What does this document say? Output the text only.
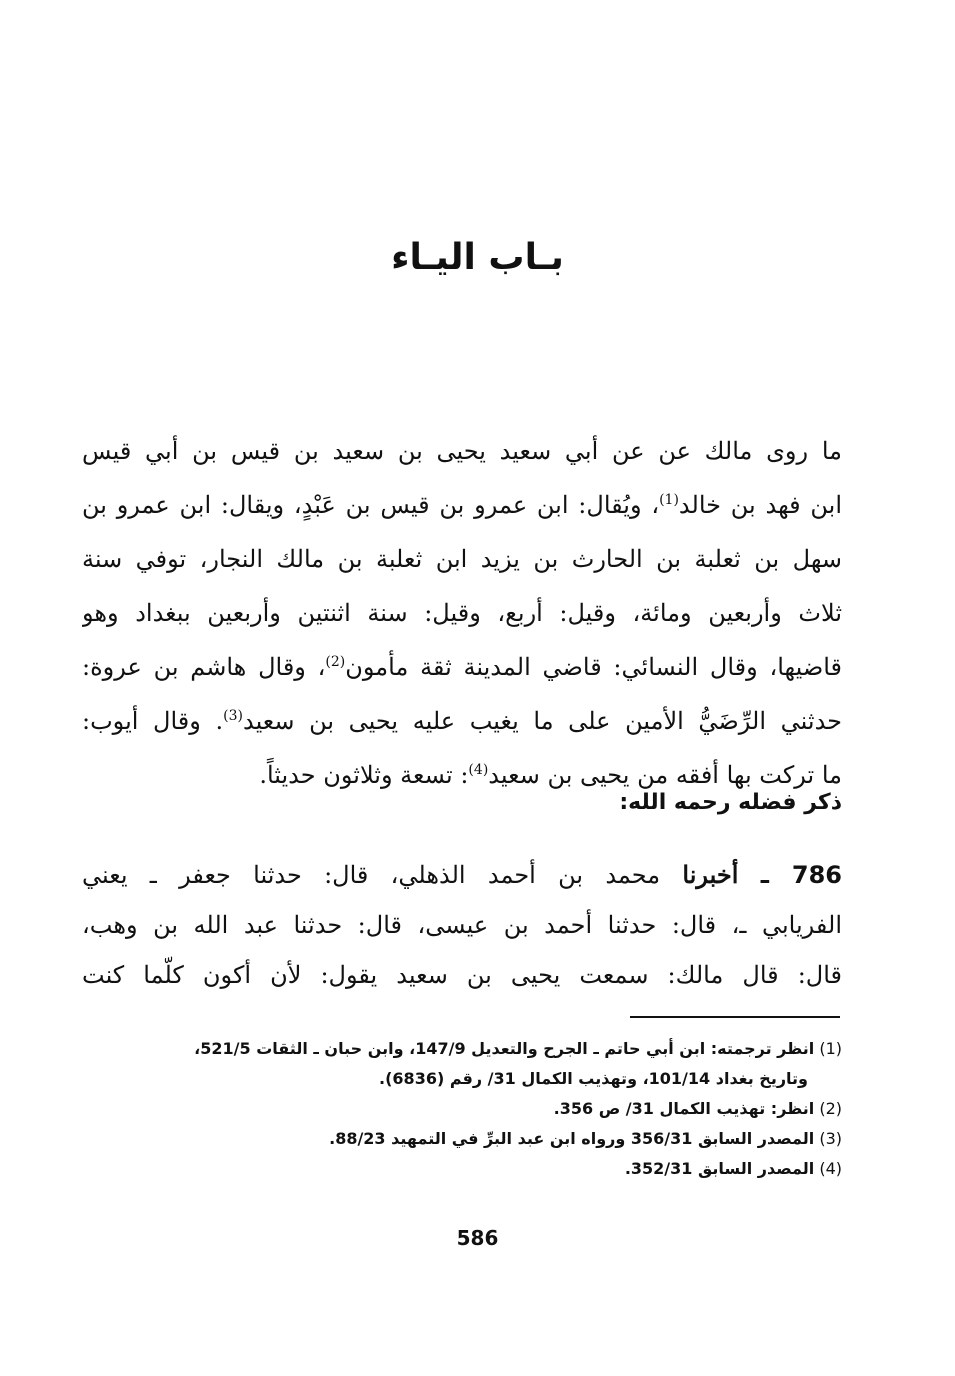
بـاب اليـاء
ما روى مالك عن عن أبي سعيد يحيى بن سعيد بن قيس بن أبي قيس
ابن فهد بن خالد$^{(1)}$، ويُقال: ابن عمرو بن قيس بن عَبْدٍ، ويقال: ابن عمرو بن
سهل بن ثعلبة بن الحارث بن يزيد ابن ثعلبة بن مالك النجار، توفي سنة
ثلاث وأربعين ومائة، وقيل: أربع، وقيل: سنة اثنتين وأربعين ببغداد وهو
قاضيها، وقال النسائي: قاضي المدينة ثقة مأمون$^{(2)}$، وقال هاشم بن عروة:
حدثني الرِّضَيُّ الأمين على ما يغيب عليه يحيى بن سعيد$^{(3)}$. وقال أيوب:
ما تركت بها أفقه من يحيى بن سعيد$^{(4)}$: تسعة وثلاثون حديثاً.
ذكر فضله رحمه الله:
786 ـ أخبرنا محمد بن أحمد الذهلي، قال: حدثنا جعفر ـ يعني
الفريابي ـ، قال: حدثنا أحمد بن عيسى، قال: حدثنا عبد الله بن وهب،
قال: قال مالك: سمعت يحيى بن سعيد يقول: لأن أكون كلّما كنت
(1) انظر ترجمته: ابن أبي حاتم ـ الجرح والتعديل 147/9، وابن حبان ـ الثقات 521/5،
وتاريخ بغداد 101/14، وتهذيب الكمال 31/ رقم (6836).
(2) انظر: تهذيب الكمال 31/ ص 356.
(3) المصدر السابق 356/31 ورواه ابن عبد البرِّ في التمهيد 88/23.
(4) المصدر السابق 352/31.
586
